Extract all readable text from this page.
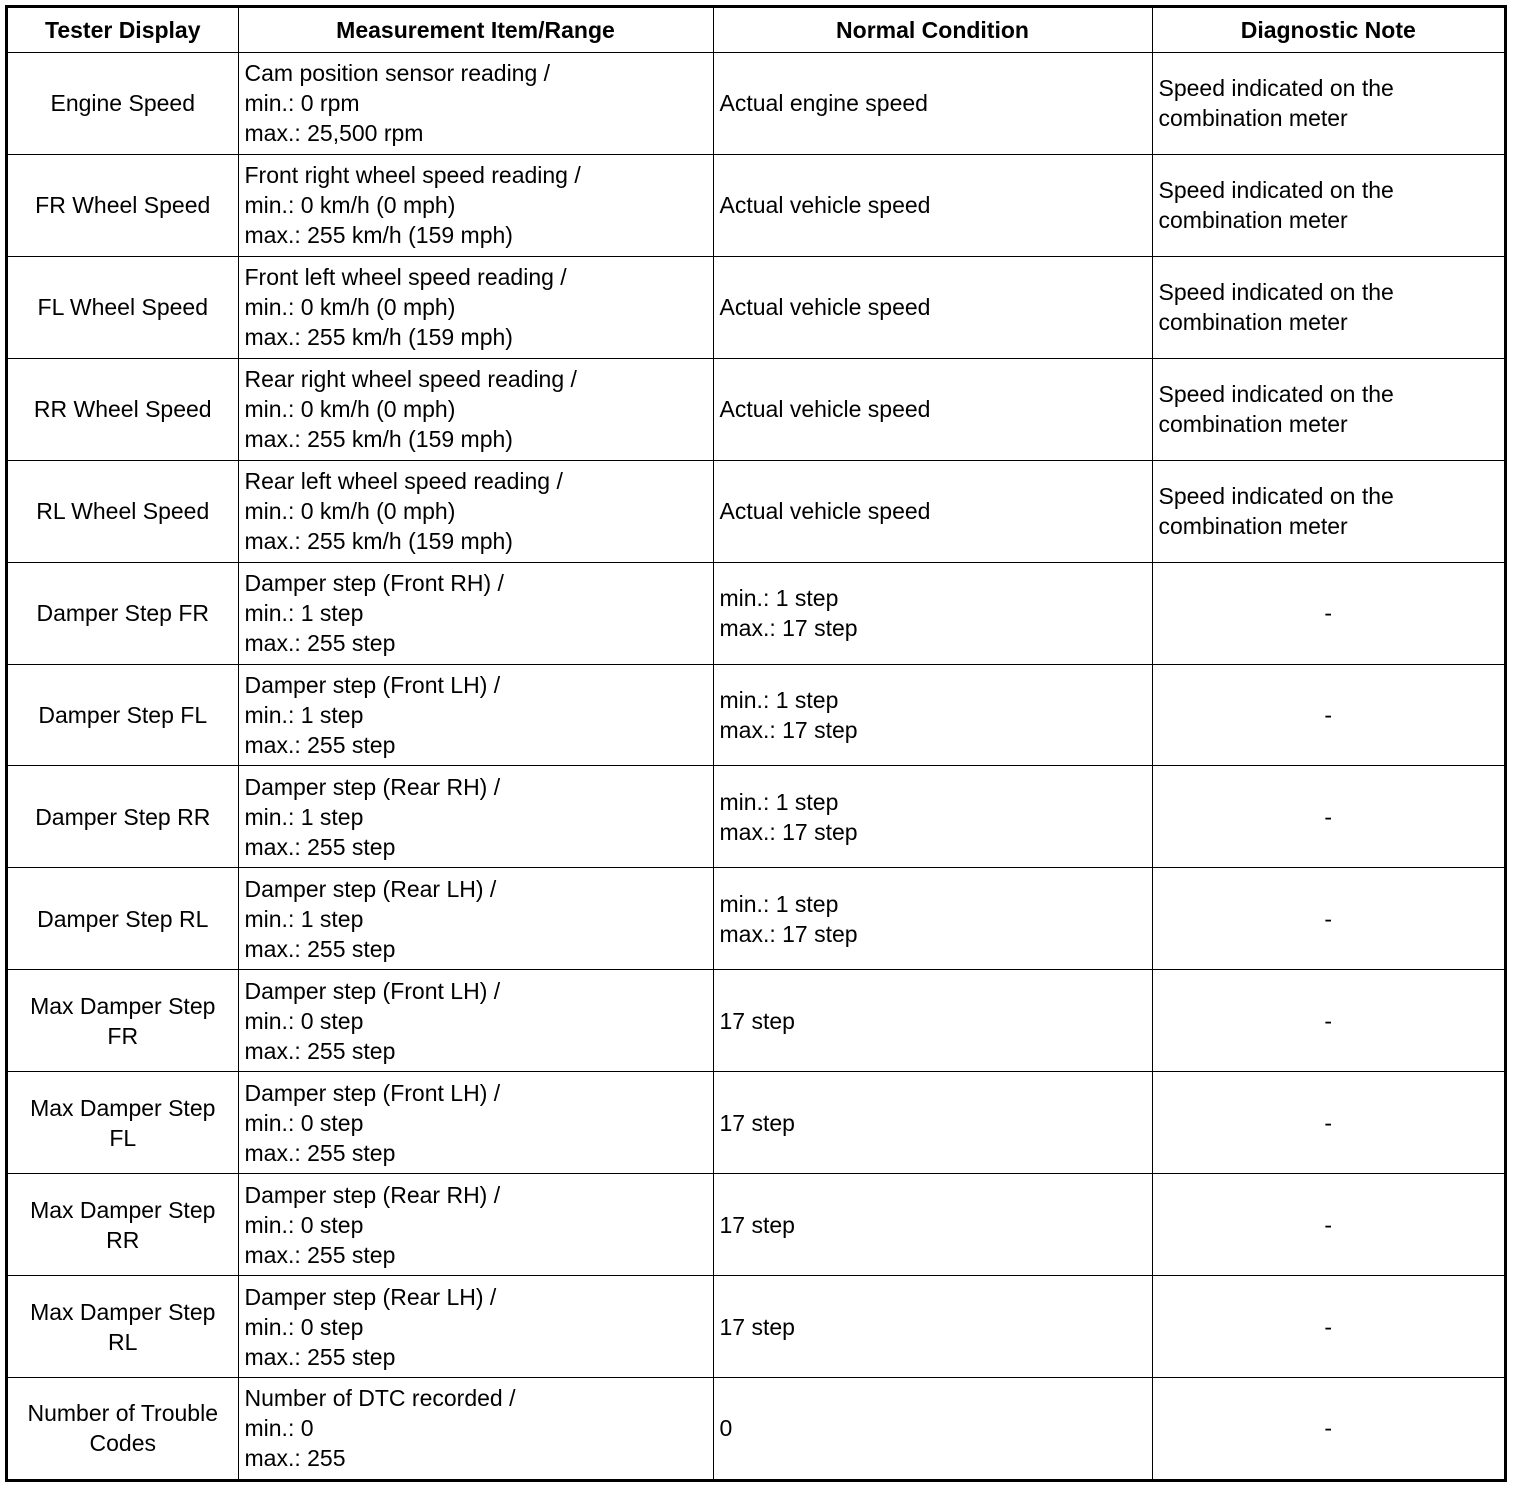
Tester Display	Measurement Item/Range	Normal Condition	Diagnostic Note
Engine Speed	Cam position sensor reading /
min.: 0 rpm
max.: 25,500 rpm	Actual engine speed	Speed indicated on the
combination meter
FR Wheel Speed	Front right wheel speed reading /
min.: 0 km/h (0 mph)
max.: 255 km/h (159 mph)	Actual vehicle speed	Speed indicated on the
combination meter
FL Wheel Speed	Front left wheel speed reading /
min.: 0 km/h (0 mph)
max.: 255 km/h (159 mph)	Actual vehicle speed	Speed indicated on the
combination meter
RR Wheel Speed	Rear right wheel speed reading /
min.: 0 km/h (0 mph)
max.: 255 km/h (159 mph)	Actual vehicle speed	Speed indicated on the
combination meter
RL Wheel Speed	Rear left wheel speed reading /
min.: 0 km/h (0 mph)
max.: 255 km/h (159 mph)	Actual vehicle speed	Speed indicated on the
combination meter
Damper Step FR	Damper step (Front RH) /
min.: 1 step
max.: 255 step	min.: 1 step
max.: 17 step	-
Damper Step FL	Damper step (Front LH) /
min.: 1 step
max.: 255 step	min.: 1 step
max.: 17 step	-
Damper Step RR	Damper step (Rear RH) /
min.: 1 step
max.: 255 step	min.: 1 step
max.: 17 step	-
Damper Step RL	Damper step (Rear LH) /
min.: 1 step
max.: 255 step	min.: 1 step
max.: 17 step	-
Max Damper Step
FR	Damper step (Front LH) /
min.: 0 step
max.: 255 step	17 step	-
Max Damper Step
FL	Damper step (Front LH) /
min.: 0 step
max.: 255 step	17 step	-
Max Damper Step
RR	Damper step (Rear RH) /
min.: 0 step
max.: 255 step	17 step	-
Max Damper Step
RL	Damper step (Rear LH) /
min.: 0 step
max.: 255 step	17 step	-
Number of Trouble
Codes	Number of DTC recorded /
min.: 0
max.: 255	0	-
